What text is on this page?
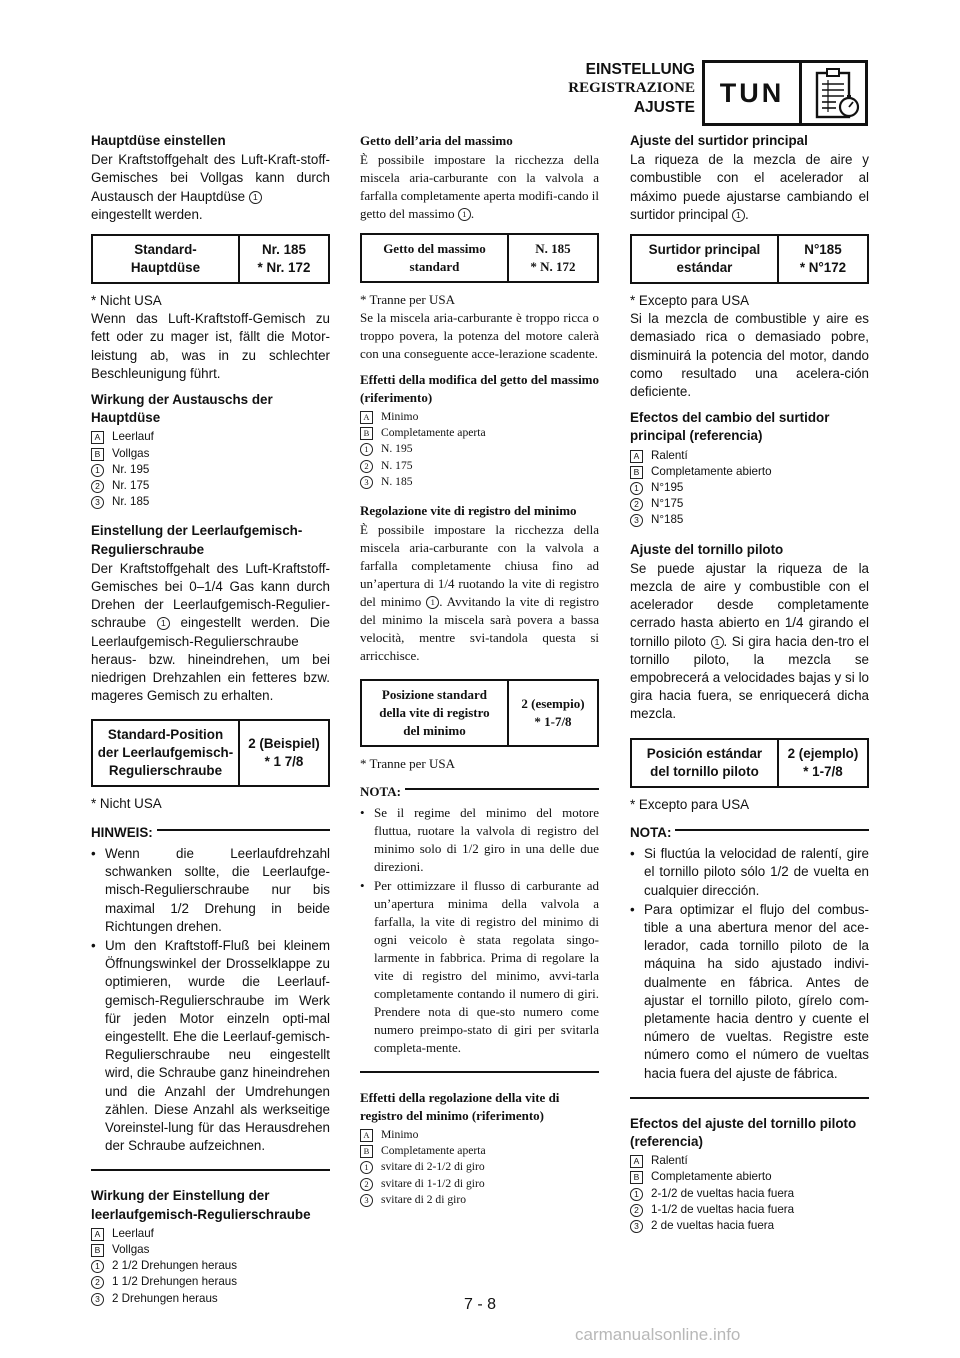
EINSTELLUNG
REGISTRAZIONE
AJUSTE TUN
Hauptdüse einstellen

Der Kraftstoffgehalt des Luft-Kraft-stoff-Gemisches bei Vollgas kann durch Austausch der Hauptdüse 1
eingestellt werden.

Standard-
Hauptdüse	Nr. 185
* Nr. 172

* Nicht USA

Wenn das Luft-Kraftstoff-Gemisch zu fett oder zu mager ist, fällt die Motor-leistung ab, was in zu schlechter Beschleunigung führt.

Wirkung der Austauschs der Hauptdüse
A	Leerlauf
B	Vollgas
1	Nr. 195
2	Nr. 175
3	Nr. 185
Einstellung der Leerlaufgemisch-Regulierschraube

Der Kraftstoffgehalt des Luft-Kraftstoff-Gemisches bei 0–1/4 Gas kann durch Drehen der Leerlaufgemisch-Regulier-schraube 1 eingestellt werden. Die Leerlaufgemisch-Regulierschraube heraus- bzw. hineindrehen, um bei niedrigen Drehzahlen ein fetteres bzw. mageres Gemisch zu erhalten.

Standard-Position
der Leerlaufgemisch-
Regulierschraube	2 (Beispiel)
* 1 7/8

* Nicht USA

HINWEIS:
• Wenn die Leerlaufdrehzahl schwanken sollte, die Leerlaufge-misch-Regulierschraube nur bis maximal 1/2 Drehung in beide Richtungen drehen.
• Um den Kraftstoff-Fluß bei kleinem Öffnungswinkel der Drosselklappe zu optimieren, wurde die Leerlauf-gemisch-Regulierschraube im Werk für jeden Motor einzeln opti-mal eingestellt. Ehe die Leerlauf-gemisch-Regulierschraube neu eingestellt wird, die Schraube ganz hineindrehen und die Anzahl der Umdrehungen zählen. Diese Anzahl als werkseitige Voreinstel-lung für das Herausdrehen der Schraube aufzeichnen.
Wirkung der Einstellung der leerlaufgemisch-Regulierschraube
A	Leerlauf
B	Vollgas
1	2 1/2 Drehungen heraus
2	1 1/2 Drehungen heraus
3	2 Drehungen heraus
Getto dell’aria del massimo

È possibile impostare la ricchezza della miscela aria-carburante con la valvola a farfalla completamente aperta modifi-cando il getto del massimo 1 .

Getto del massimo
standard	N. 185
* N. 172

* Tranne per USA

Se la miscela aria-carburante è troppo ricca o troppo povera, la potenza del motore calerà con una conseguente acce-lerazione scadente.

Effetti della modifica del getto del massimo (riferimento)
A Minimo
B	Completamente aperta
1	N. 195
2	N. 175
3	N. 185
Regolazione vite di registro del minimo

È possibile impostare la ricchezza della miscela aria-carburante con la valvola a farfalla completamente chiusa fino ad un’apertura di 1/4 ruotando la vite di registro del minimo 1 . Avvitando la vite di registro del minimo la miscela sarà povera a bassa velocità, mentre svi-tandola questa si arricchisce.

Posizione standard
della vite di registro
del minimo	2 (esempio)
* 1-7/8

* Tranne per USA

NOTA:
• Se il regime del minimo del motore fluttua, ruotare la valvola di registro del minimo solo di 1/2 giro in una delle due direzioni.
• Per ottimizzare il flusso di carburante ad un’apertura minima della valvola a farfalla, la vite di registro del minimo di ogni veicolo è stata regolata singo-larmente in fabbrica. Prima di regolare la vite di registro del minimo, avvi-tarla completamente contando il numero di giri. Prendere nota di que-sto numero come numero preimpo-stato di giri per svitarla completa-mente.
Effetti della regolazione della vite di registro del minimo (riferimento)
A Minimo
B	Completamente aperta
1	svitare di 2-1/2 di giro
2	svitare di 1-1/2 di giro
3	svitare di 2 di giro
Ajuste del surtidor principal

La riqueza de la mezcla de aire y combustible con el acelerador al máximo puede ajustarse cambiando el surtidor principal 1 .

Surtidor principal
estándar	N°185
* N°172

* Excepto para USA

Si la mezcla de combustible y aire es demasiado rica o demasiado pobre, disminuirá la potencia del motor, dando como resultado una acelera-ción deficiente.

Efectos del cambio del surtidor principal (referencia)
A	Ralentí
B	Completamente abierto
1	N°195
2	N°175
3	N°185
Ajuste del tornillo piloto

Se puede ajustar la riqueza de la mezcla de aire y combustible con el acelerador desde completamente cerrado hasta abierto en 1/4 girando el tornillo piloto 1 . Si gira hacia den-tro el tornillo piloto, la mezcla se empobrecerá a velocidades bajas y si lo gira hacia fuera, se enriquecerá dicha mezcla.

Posición estándar
del tornillo piloto	2 (ejemplo)
* 1-7/8

* Excepto para USA

NOTA:
• Si fluctúa la velocidad de ralentí, gire el tornillo piloto sólo 1/2 de vuelta en cualquier dirección.
• Para optimizar el flujo del combus-tible a una abertura menor del ace-lerador, cada tornillo piloto de la máquina ha sido ajustado indivi-dualmente en fábrica. Antes de ajustar el tornillo piloto, gírelo com-pletamente hacia dentro y cuente el número de vueltas. Registre este número como el número de vueltas hacia fuera del ajuste de fábrica.
Efectos del ajuste del tornillo piloto (referencia)
A	Ralentí
B	Completamente abierto
1	2-1/2 de vueltas hacia fuera
2	1-1/2 de vueltas hacia fuera
3	2 de vueltas hacia fuera
7 - 8
carmanualsonline.info
